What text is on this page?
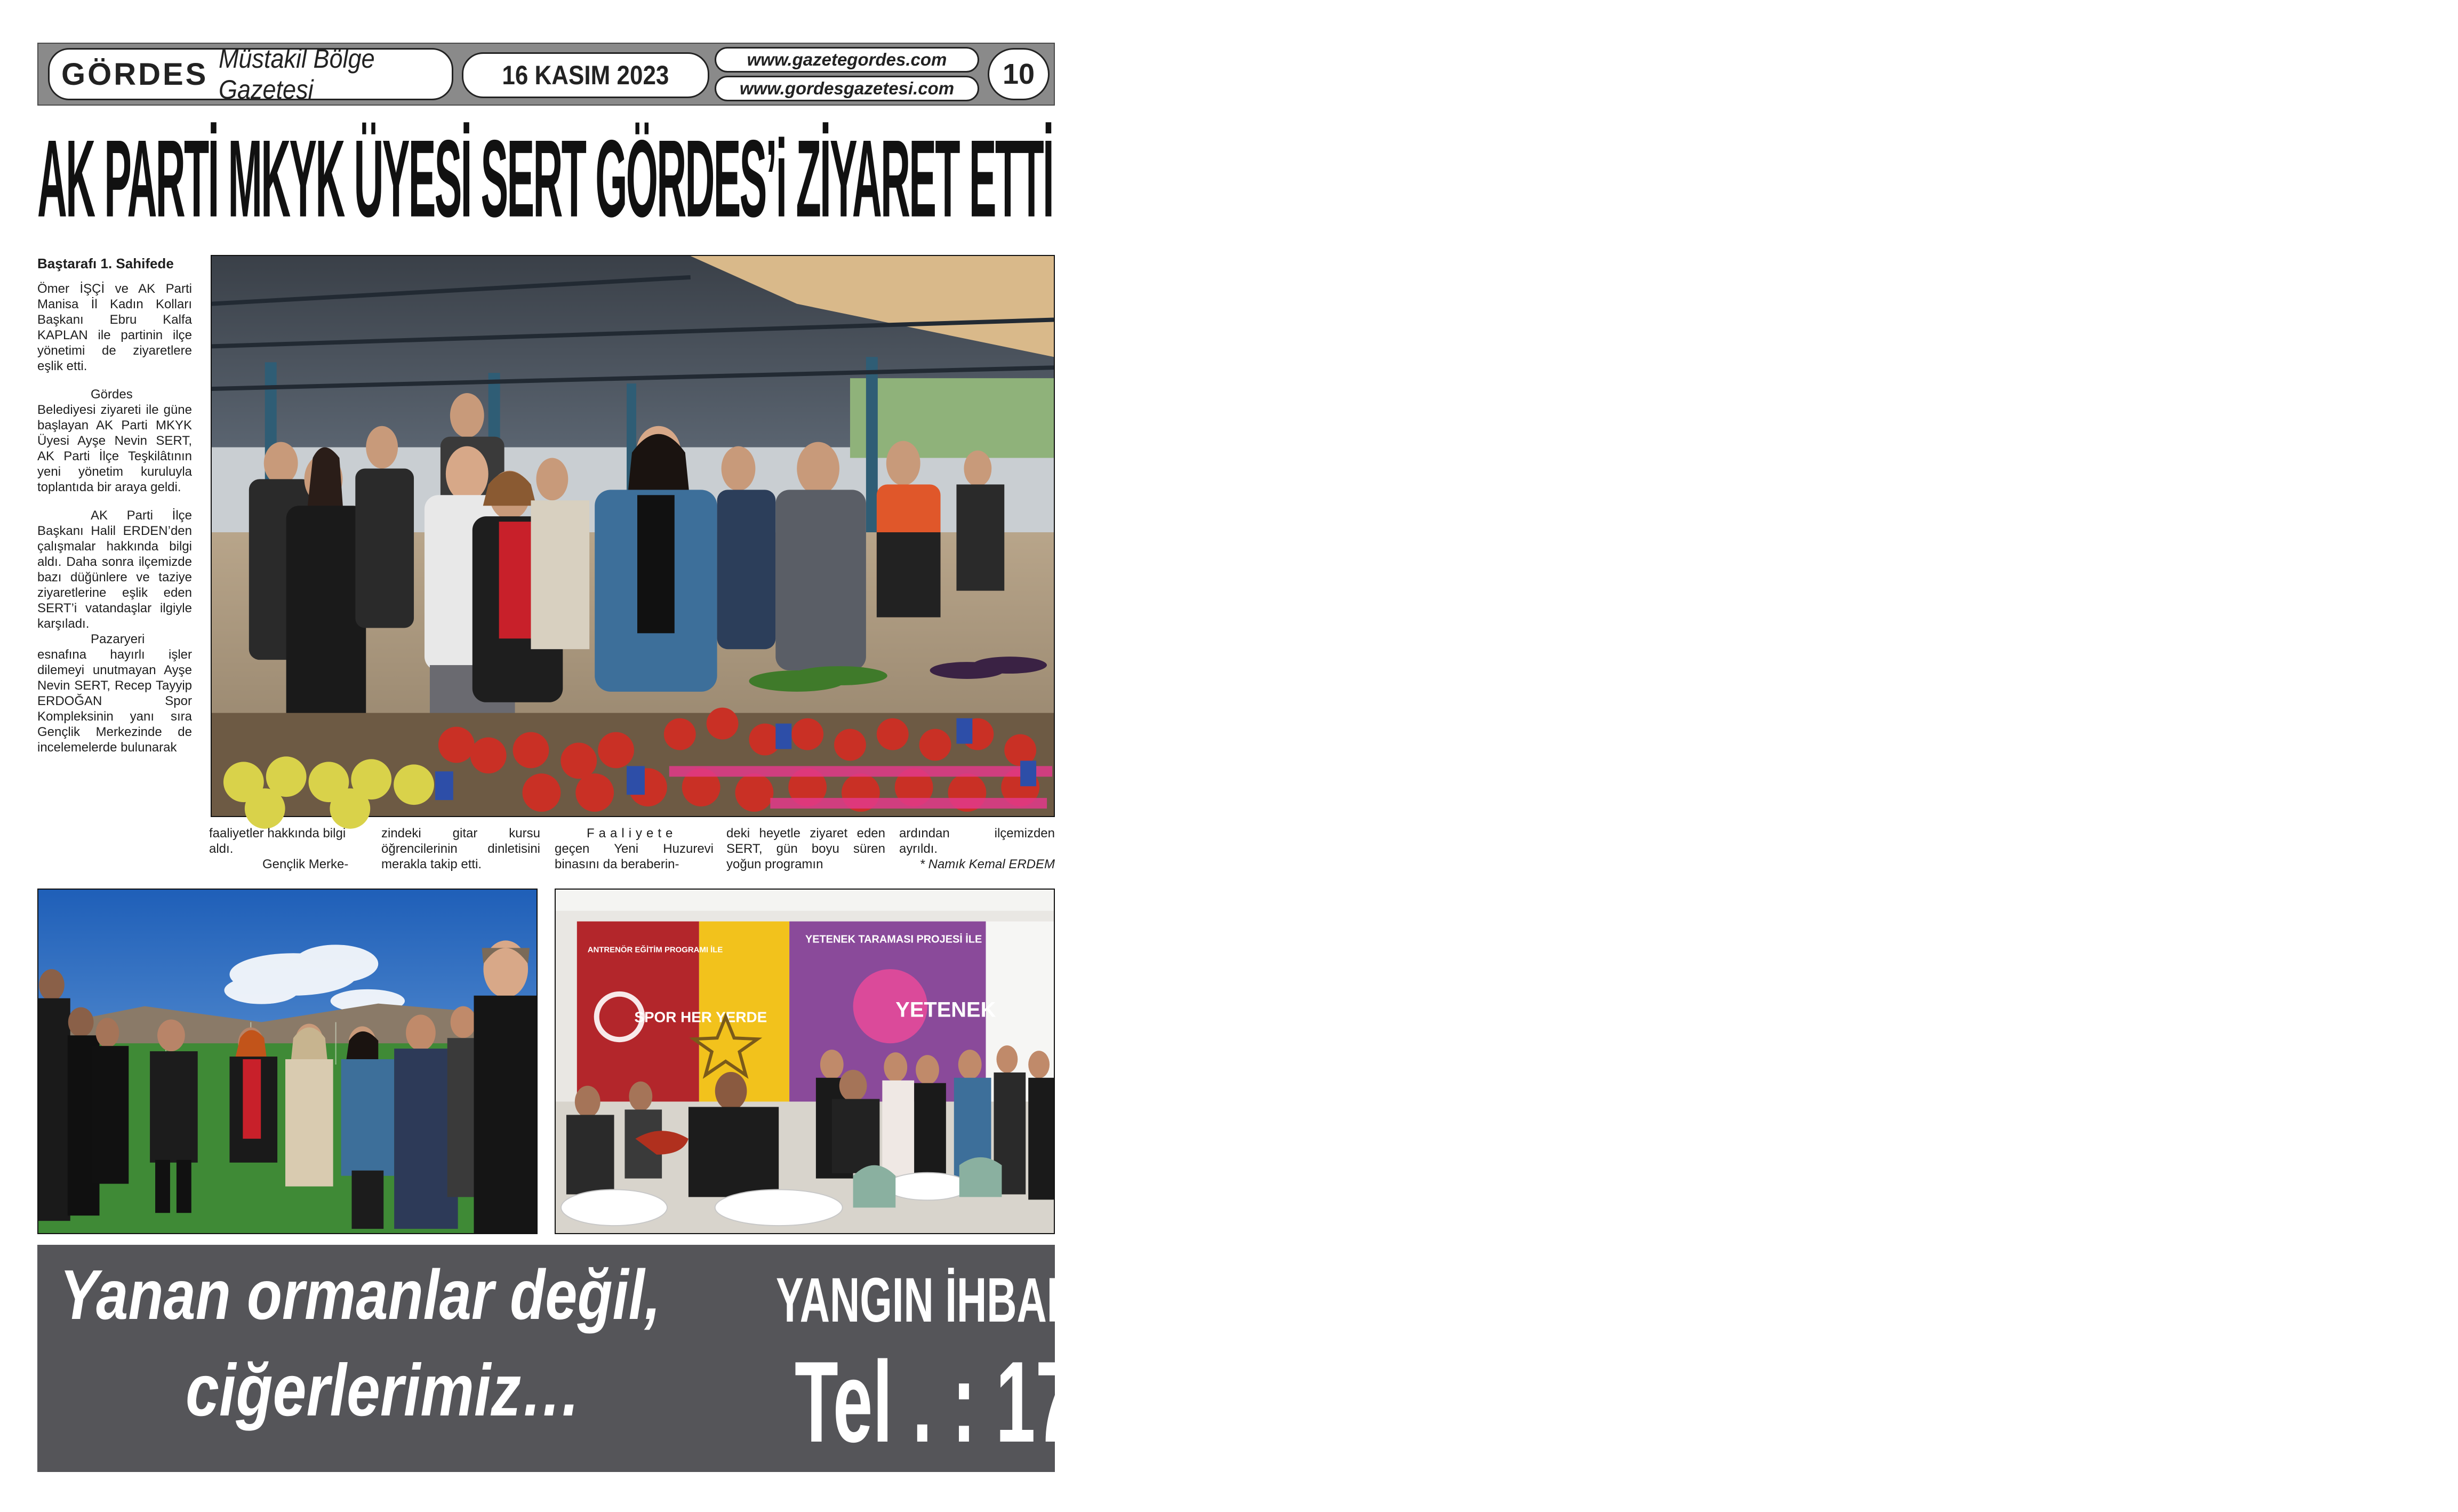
GÖRDES Müstakil Bölge Gazetesi	16 KASIM 2023
www.gazetegordes.com
www.gordesgazetesi.com 10
AK PARTİ MKYK ÜYESİ SERT GÖRDES’i ZİYARET ETTİ
Baştarafı 1. Sahifede

Ömer İŞÇİ ve AK Parti Manisa İl Kadın Kolları Başkanı Ebru Kalfa KAPLAN ile partinin ilçe yönetimi de ziyaretlere eşlik etti.

Gördes Belediyesi ziyareti ile güne başlayan AK Parti MKYK Üyesi Ayşe Nevin SERT, AK Parti İlçe Teşkilâtının yeni yönetim kuruluyla toplantıda bir araya geldi.

AK Parti İlçe Başkanı Halil ERDEN’den çalışmalar hakkında bilgi aldı. Daha sonra ilçemizde bazı düğünlere ve taziye ziyaretlerine eşlik eden SERT’i vatandaşlar ilgiyle karşıladı.

Pazaryeri esnafına hayırlı işler dilemeyi unutmayan Ayşe Nevin SERT, Recep Tayyip ERDOĞAN Spor Kompleksinin yanı sıra Gençlik Merkezinde de incelemelerde bulunarak

faaliyetler hakkında bilgi aldı.

Gençlik Merke-

zindeki gitar kursu öğrencilerinin dinletisini merakla takip etti.

Faaliyete

geçen Yeni Huzurevi binasını da beraberin-

deki heyetle ziyaret eden SERT, gün boyu süren yoğun programın

ardından ilçemizden ayrıldı.

* Namık Kemal ERDEM

ANTRENÖR EĞİTİM PROGRAMI İLE
YETENEK TARAMASI PROJESİ İLE
SPOR HER YERDE	YETENEK
Yanan ormanlar değil,
ciğerlerimiz…
YANGIN İHBAR
Tel . : 177
